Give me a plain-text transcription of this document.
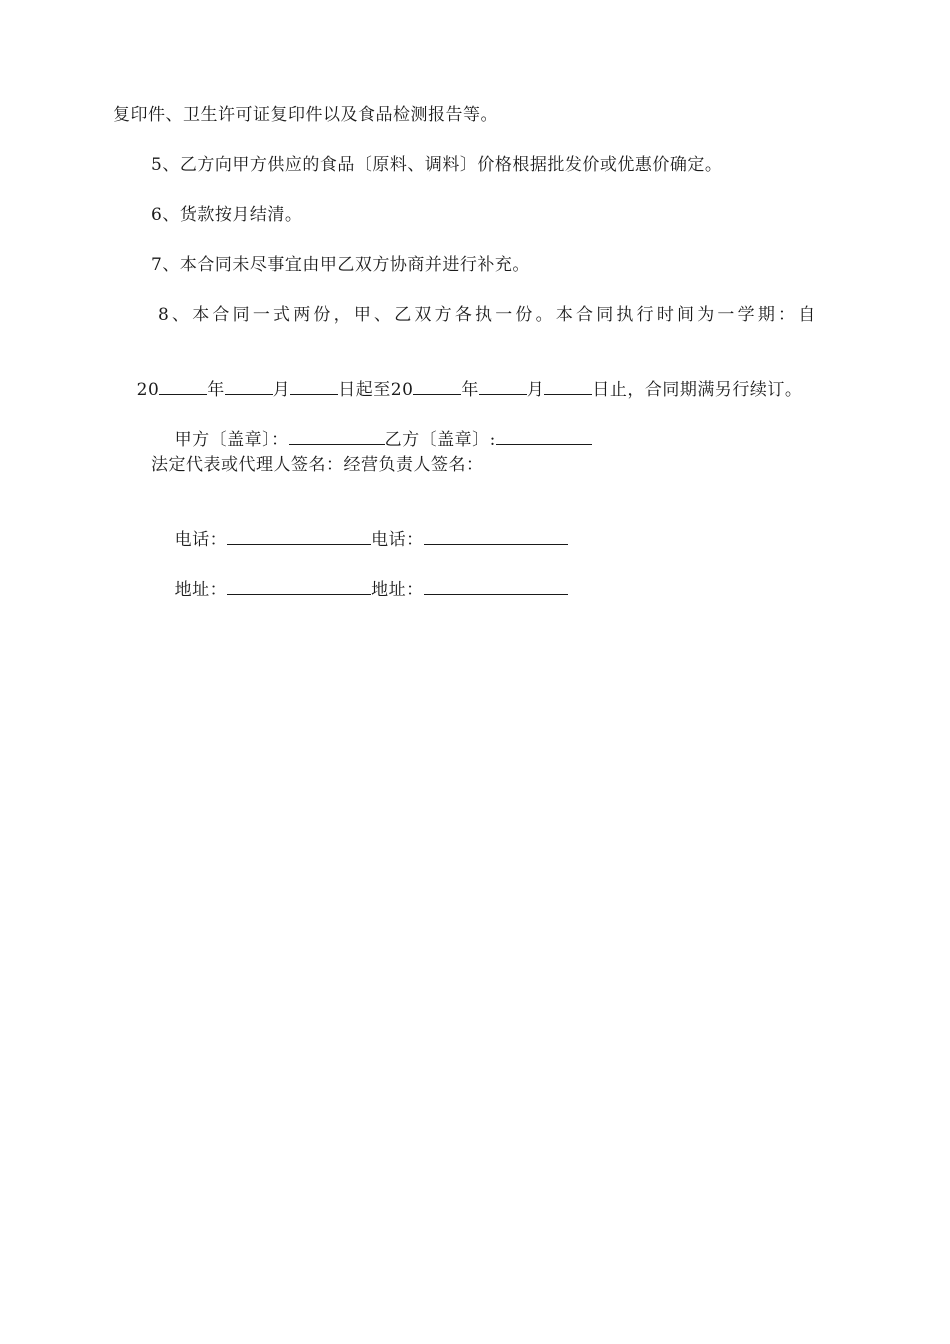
复印件、卫生许可证复印件以及食品检测报告等。
5、乙方向甲方供应的食品〔原料、调料〕价格根据批发价或优惠价确定。
6、货款按月结清。
7、本合同未尽事宜由甲乙双方协商并进行补充。
8、本合同一式两份，甲、乙双方各执一份。本合同执行时间为一学期：自

20	年	月	日起至20	年	月	日止，合同期满另行续订。

甲方〔盖章〕：	乙方〔盖章〕:

法定代表或代理人签名：经营负责人签名：

电话：	电话：

地址：	地址：
